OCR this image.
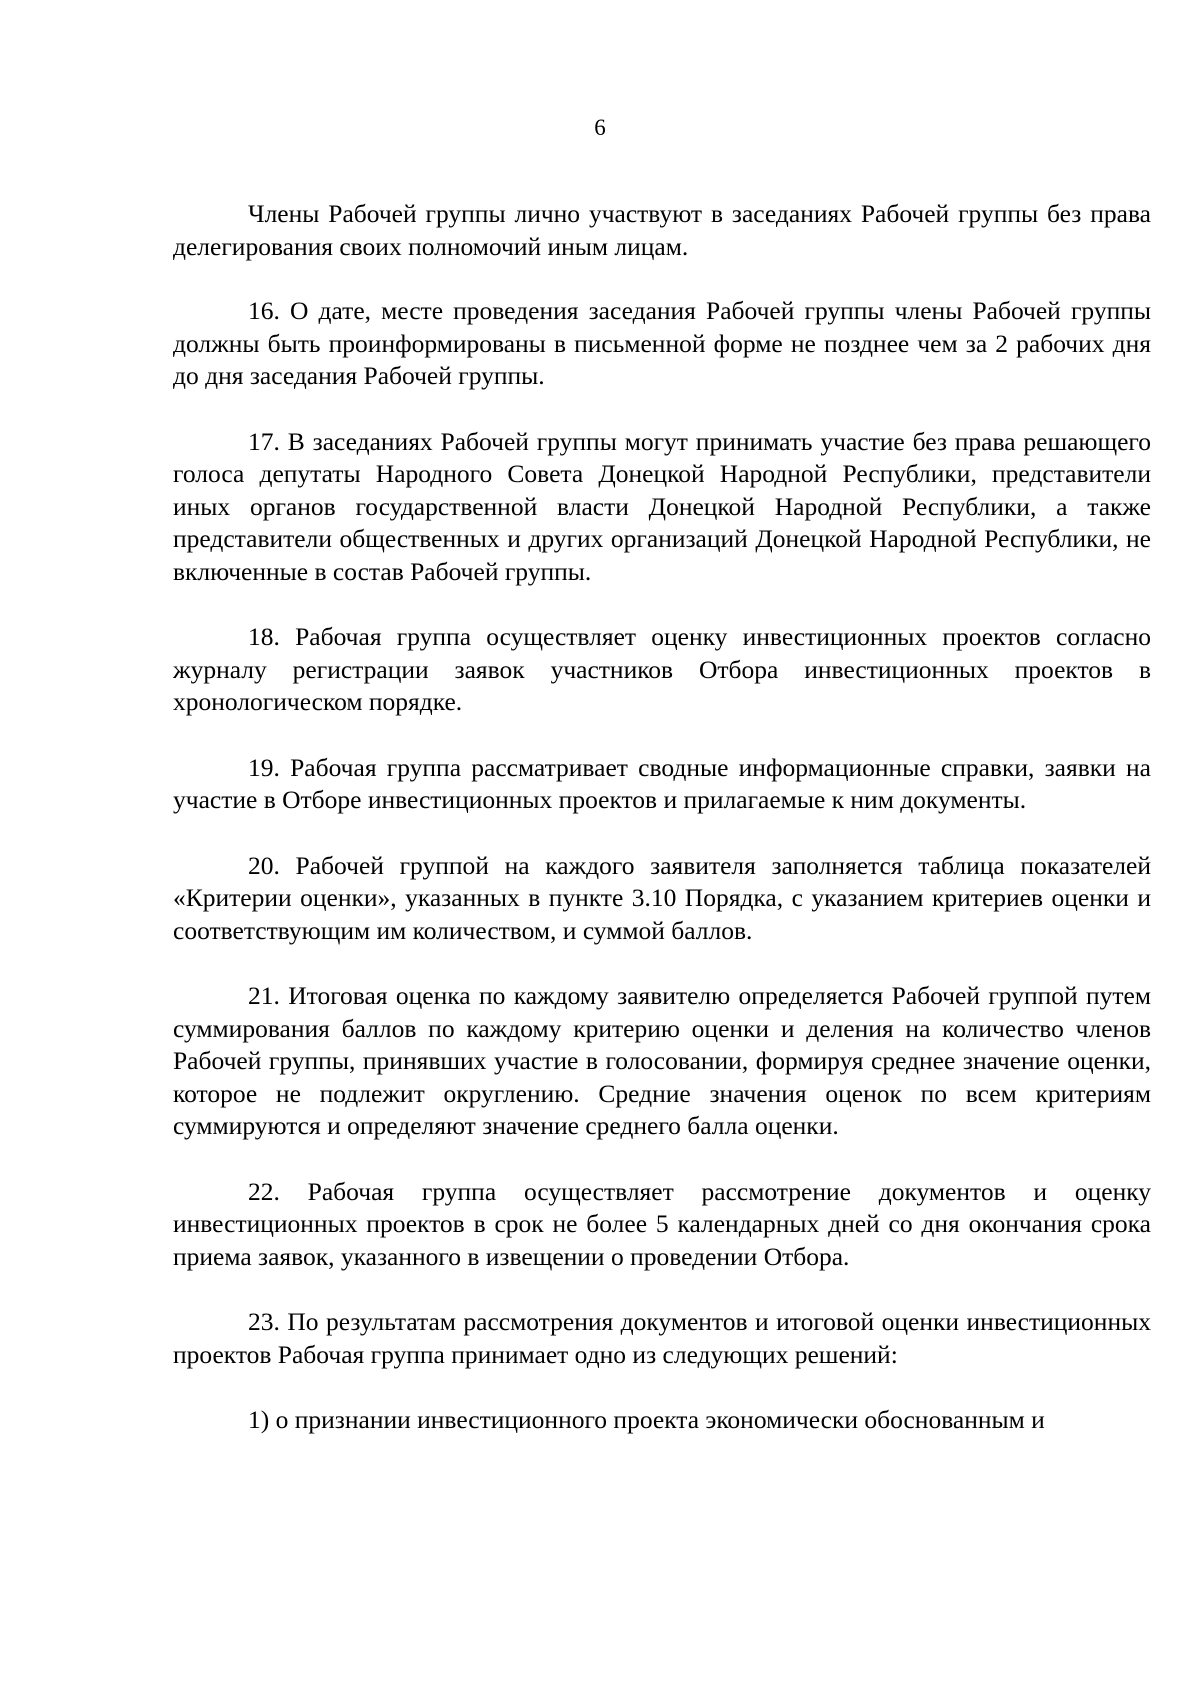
6

Члены Рабочей группы лично участвуют в заседаниях Рабочей группы без права делегирования своих полномочий иным лицам.

16. О дате, месте проведения заседания Рабочей группы члены Рабочей группы должны быть проинформированы в письменной форме не позднее чем за 2 рабочих дня до дня заседания Рабочей группы.

17. В заседаниях Рабочей группы могут принимать участие без права решающего голоса депутаты Народного Совета Донецкой Народной Республики, представители иных органов государственной власти Донецкой Народной Республики, а также представители общественных и других организаций Донецкой Народной Республики, не включенные в состав Рабочей группы.

18. Рабочая группа осуществляет оценку инвестиционных проектов согласно журналу регистрации заявок участников Отбора инвестиционных проектов в хронологическом порядке.

19. Рабочая группа рассматривает сводные информационные справки, заявки на участие в Отборе инвестиционных проектов и прилагаемые к ним документы.

20. Рабочей группой на каждого заявителя заполняется таблица показателей «Критерии оценки», указанных в пункте 3.10 Порядка, с указанием критериев оценки и соответствующим им количеством, и суммой баллов.

21. Итоговая оценка по каждому заявителю определяется Рабочей группой путем суммирования баллов по каждому критерию оценки и деления на количество членов Рабочей группы, принявших участие в голосовании, формируя среднее значение оценки, которое не подлежит округлению. Средние значения оценок по всем критериям суммируются и определяют значение среднего балла оценки.

22. Рабочая группа осуществляет рассмотрение документов и оценку инвестиционных проектов в срок не более 5 календарных дней со дня окончания срока приема заявок, указанного в извещении о проведении Отбора.

23. По результатам рассмотрения документов и итоговой оценки инвестиционных проектов Рабочая группа принимает одно из следующих решений:

1) о признании инвестиционного проекта экономически обоснованным и
